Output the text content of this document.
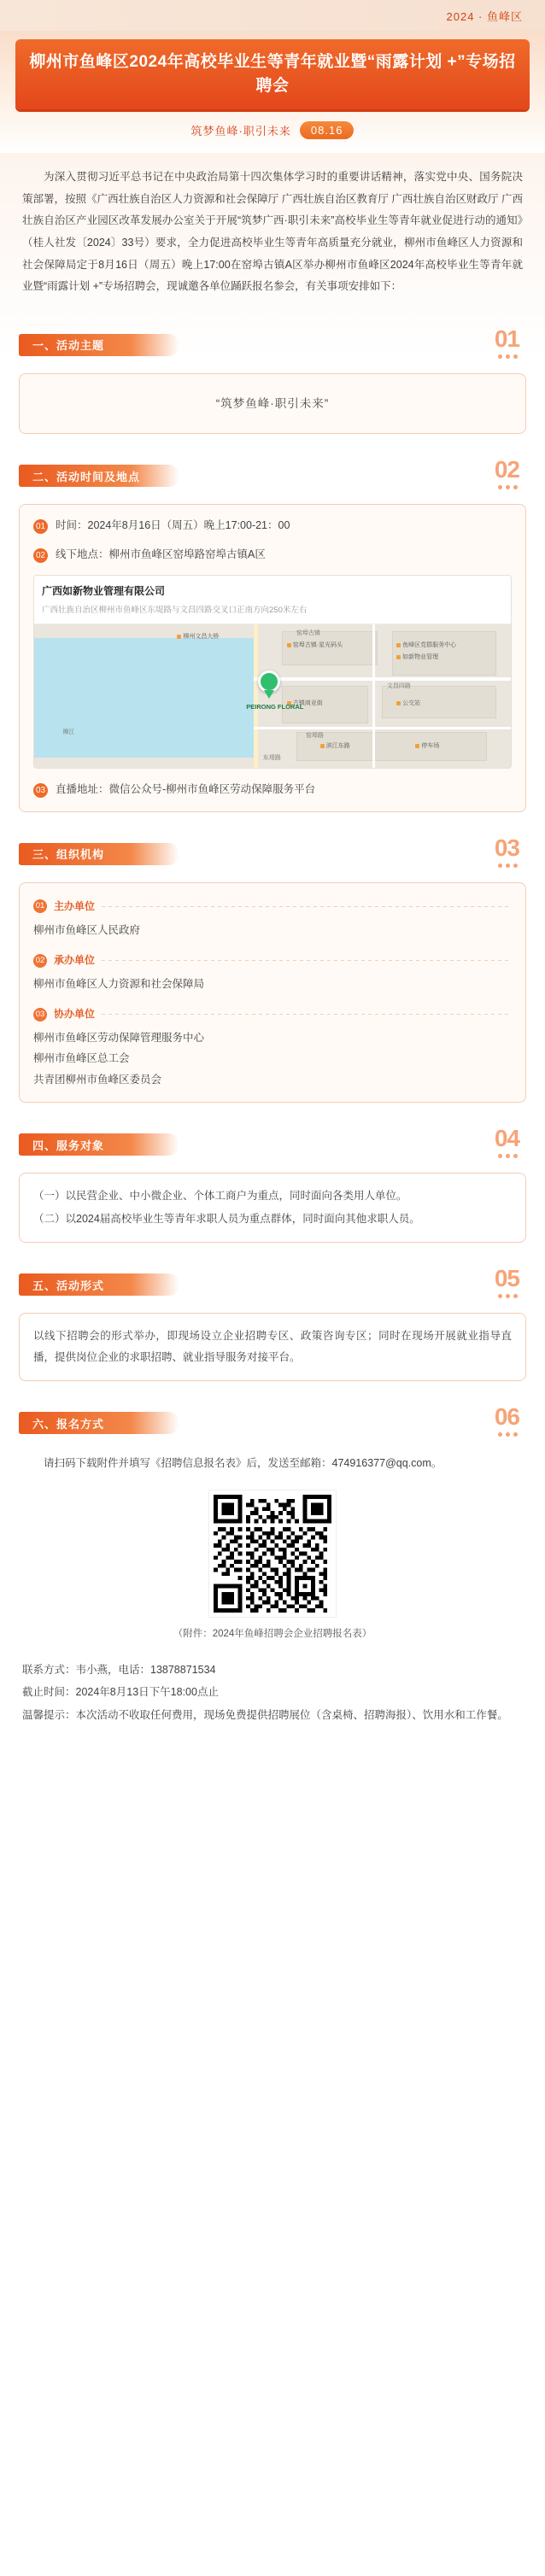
2024 · 鱼峰区
柳州市鱼峰区2024年高校毕业生等青年就业暨“雨露计划 +”专场招聘会
筑梦鱼峰·职引未来	08.16
为深入贯彻习近平总书记在中央政治局第十四次集体学习时的重要讲话精神，落实党中央、国务院决策部署，按照《广西壮族自治区人力资源和社会保障厅 广西壮族自治区教育厅 广西壮族自治区财政厅 广西壮族自治区产业园区改革发展办公室关于开展“筑梦广西·职引未来”高校毕业生等青年就业促进行动的通知》（桂人社发〔2024〕33号）要求，全力促进高校毕业生等青年高质量充分就业，柳州市鱼峰区人力资源和社会保障局定于8月16日（周五）晚上17:00在窑埠古镇A区举办柳州市鱼峰区2024年高校毕业生等青年就业暨“雨露计划 +”专场招聘会，现诚邀各单位踊跃报名参会，有关事项安排如下：
一、活动主题	01
“筑梦鱼峰·职引未来”
二、活动时间及地点	02
01 时间：2024年8月16日（周五）晚上17:00-21：00
02 线下地点：柳州市鱼峰区窑埠路窑埠古镇A区
广西如新物业管理有限公司
广西壮族自治区柳州市鱼峰区东堤路与文昌四路交叉口正南方向250米左右
柳江
东堤路
文昌四路
窑埠路
窑埠古镇
窑埠古镇·星光码头	鱼峰区党群服务中心
如新物业管理
古镇商业街	公交站
滨江东路	停车场
柳州文昌大桥
PEIRONG FLORAL
03 直播地址：微信公众号-柳州市鱼峰区劳动保障服务平台
三、组织机构	03
01 主办单位
柳州市鱼峰区人民政府
02 承办单位
柳州市鱼峰区人力资源和社会保障局
03 协办单位
柳州市鱼峰区劳动保障管理服务中心
柳州市鱼峰区总工会
共青团柳州市鱼峰区委员会
四、服务对象	04
（一）以民营企业、中小微企业、个体工商户为重点，同时面向各类用人单位。
（二）以2024届高校毕业生等青年求职人员为重点群体，同时面向其他求职人员。
五、活动形式	05
以线下招聘会的形式举办，即现场设立企业招聘专区、政策咨询专区；同时在现场开展就业指导直播，提供岗位企业的求职招聘、就业指导服务对接平台。
六、报名方式	06
请扫码下载附件并填写《招聘信息报名表》后，发送至邮箱：474916377@qq.com。
（附件：2024年鱼峰招聘会企业招聘报名表）
联系方式：韦小燕，电话：13878871534
截止时间：2024年8月13日下午18:00点止
温馨提示：本次活动不收取任何费用，现场免费提供招聘展位（含桌椅、招聘海报）、饮用水和工作餐。
